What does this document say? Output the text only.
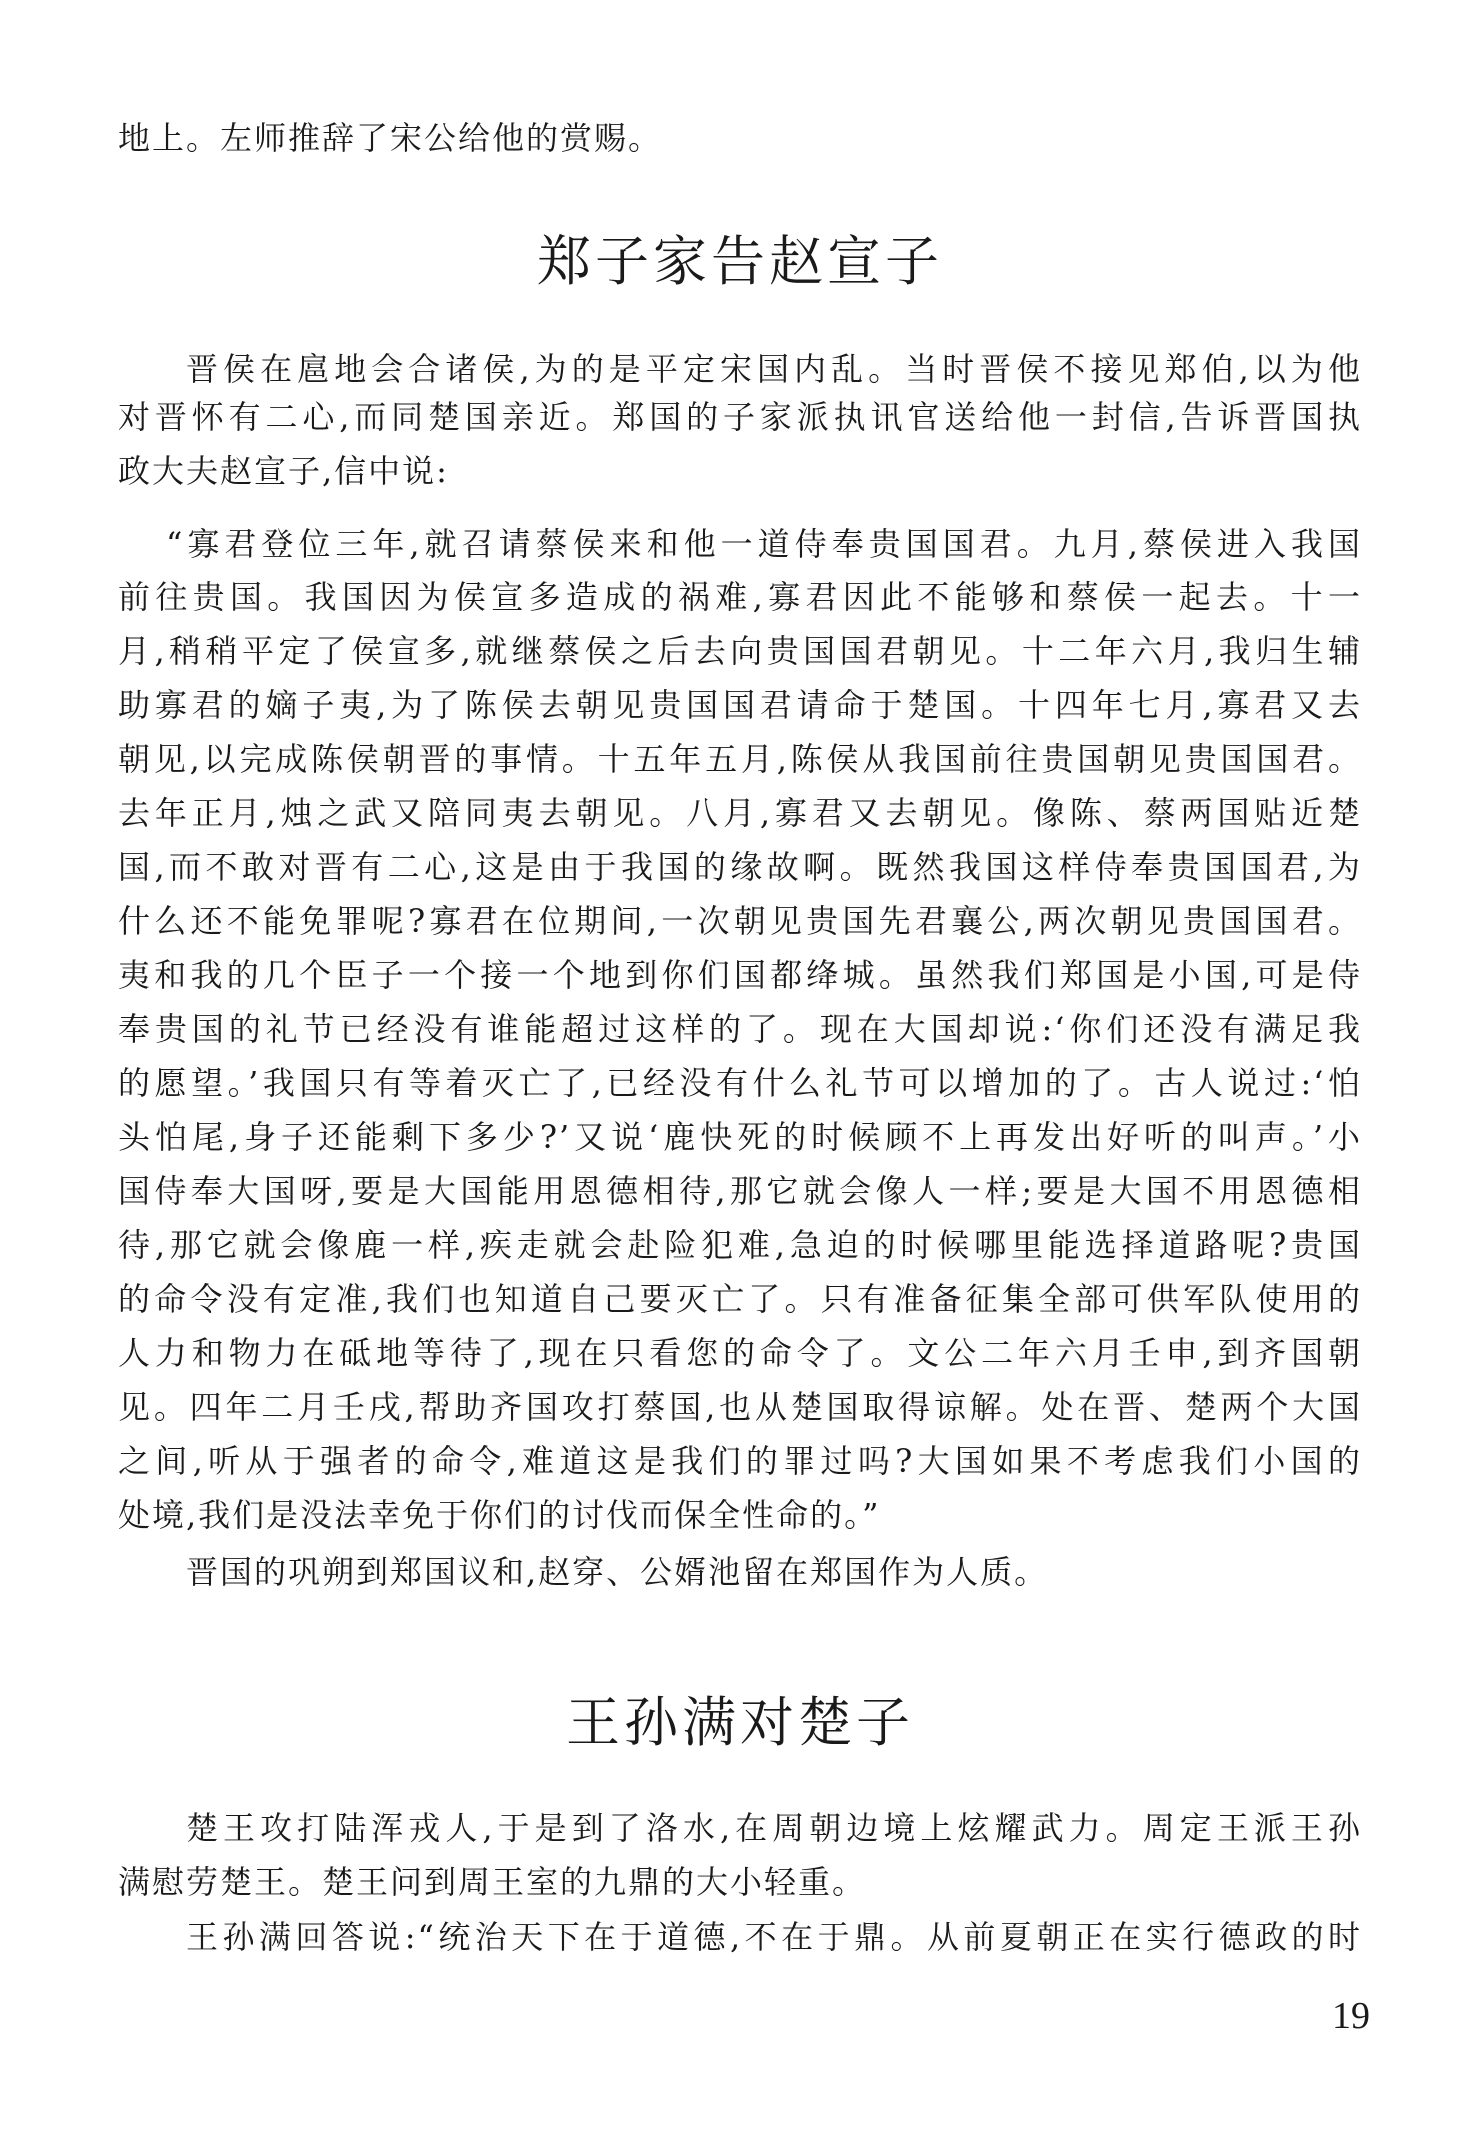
地上。左师推辞了宋公给他的赏赐。
郑子家告赵宣子
晋侯在扈地会合诸侯,为的是平定宋国内乱。当时晋侯不接见郑伯,以为他
对晋怀有二心,而同楚国亲近。郑国的子家派执讯官送给他一封信,告诉晋国执
政大夫赵宣子,信中说:
“寡君登位三年,就召请蔡侯来和他一道侍奉贵国国君。九月,蔡侯进入我国
前往贵国。我国因为侯宣多造成的祸难,寡君因此不能够和蔡侯一起去。十一
月,稍稍平定了侯宣多,就继蔡侯之后去向贵国国君朝见。十二年六月,我归生辅
助寡君的嫡子夷,为了陈侯去朝见贵国国君请命于楚国。十四年七月,寡君又去
朝见,以完成陈侯朝晋的事情。十五年五月,陈侯从我国前往贵国朝见贵国国君。
去年正月,烛之武又陪同夷去朝见。八月,寡君又去朝见。像陈、蔡两国贴近楚
国,而不敢对晋有二心,这是由于我国的缘故啊。既然我国这样侍奉贵国国君,为
什么还不能免罪呢?寡君在位期间,一次朝见贵国先君襄公,两次朝见贵国国君。
夷和我的几个臣子一个接一个地到你们国都绛城。虽然我们郑国是小国,可是侍
奉贵国的礼节已经没有谁能超过这样的了。现在大国却说:‘你们还没有满足我
的愿望。’我国只有等着灭亡了,已经没有什么礼节可以增加的了。古人说过:‘怕
头怕尾,身子还能剩下多少?’又说‘鹿快死的时候顾不上再发出好听的叫声。’小
国侍奉大国呀,要是大国能用恩德相待,那它就会像人一样;要是大国不用恩德相
待,那它就会像鹿一样,疾走就会赴险犯难,急迫的时候哪里能选择道路呢?贵国
的命令没有定准,我们也知道自己要灭亡了。只有准备征集全部可供军队使用的
人力和物力在砥地等待了,现在只看您的命令了。文公二年六月壬申,到齐国朝
见。四年二月壬戌,帮助齐国攻打蔡国,也从楚国取得谅解。处在晋、楚两个大国
之间,听从于强者的命令,难道这是我们的罪过吗?大国如果不考虑我们小国的
处境,我们是没法幸免于你们的讨伐而保全性命的。”
晋国的巩朔到郑国议和,赵穿、公婿池留在郑国作为人质。
王孙满对楚子
楚王攻打陆浑戎人,于是到了洛水,在周朝边境上炫耀武力。周定王派王孙
满慰劳楚王。楚王问到周王室的九鼎的大小轻重。
王孙满回答说:“统治天下在于道德,不在于鼎。从前夏朝正在实行德政的时
19
